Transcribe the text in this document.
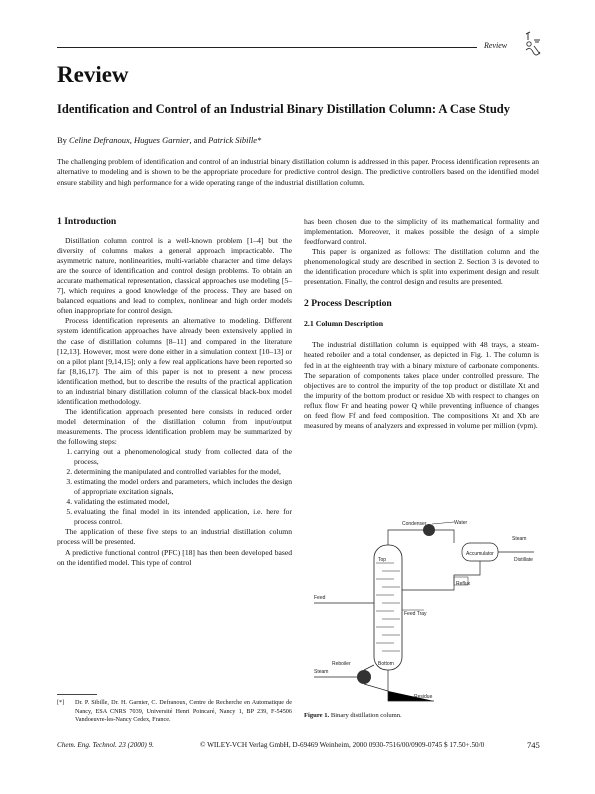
Review
Review
Identification and Control of an Industrial Binary Distillation Column: A Case Study
By Celine Defranoux, Hugues Garnier, and Patrick Sibille*
The challenging problem of identification and control of an industrial binary distillation column is addressed in this paper. Process identification represents an alternative to modeling and is shown to be the appropriate procedure for predictive control design. The predictive controllers based on the identified model ensure stability and high performance for a wide operating range of the industrial distillation column.
1 Introduction

Distillation column control is a well-known problem [1–4] but the diversity of columns makes a general approach impracticable. The asymmetric nature, nonlinearities, multi-variable character and time delays are the source of identification and control design problems. To obtain an accurate mathematical representation, classical approaches use modeling [5–7], which requires a good knowledge of the process. They are based on balanced equations and lead to complex, nonlinear and high order models often inappropriate for control design.

Process identification represents an alternative to modeling. Different system identification approaches have already been extensively applied in the case of distillation columns [8–11] and compared in the literature [12,13]. However, most were done either in a simulation context [10–13] or on a pilot plant [9,14,15]; only a few real applications have been reported so far [8,16,17]. The aim of this paper is not to present a new process identification method, but to describe the results of the practical application to an industrial binary distillation column of the classical black-box model identification methodology.

The identification approach presented here consists in reduced order model determination of the distillation column from input/output measurements. The process identification problem may be summarized by the following steps:

1. carrying out a phenomenological study from collected data of the process,
2. determining the manipulated and controlled variables for the model,
3. estimating the model orders and parameters, which includes the design of appropriate excitation signals,
4. validating the estimated model,
5. evaluating the final model in its intended application, i.e. here for process control.

The application of these five steps to an industrial distillation column process will be presented.

A predictive functional control (PFC) [18] has then been developed based on the identified model. This type of control

has been chosen due to the simplicity of its mathematical formality and implementation. Moreover, it makes possible the design of a simple feedforward control.

This paper is organized as follows: The distillation column and the phenomenological study are described in section 2. Section 3 is devoted to the identification procedure which is split into experiment design and result presentation. Finally, the control design and results are presented.

2 Process Description
2.1 Column Description

The industrial distillation column is equipped with 48 trays, a steam-heated reboiler and a total condenser, as depicted in Fig. 1. The column is fed in at the eighteenth tray with a binary mixture of carbonate components. The separation of components takes place under controlled pressure. The objectives are to control the impurity of the top product or distillate Xt and the impurity of the bottom product or residue Xb with respect to changes on reflux flow Fr and heating power Q while preventing influence of changes on feed flow Ff and feed composition. The compositions Xt and Xb are measured by means of analyzers and expressed in volume per million (vpm).

Condenser	Water
Accumulator
Steam
Distillate
Reflux
Feed
Feed Tray
Top
Bottom
Reboiler
Steam
Residue
Figure 1. Binary distillation column.
[*] Dr. P. Sibille, Dr. H. Garnier, C. Defranoux, Centre de Recherche en Automatique de Nancy, ESA CNRS 7039, Université Henri Poincaré, Nancy 1, BP 239, F-54506 Vandoeuvre-les-Nancy Cedex, France.
Chem. Eng. Technol. 23 (2000) 9.	© WILEY-VCH Verlag GmbH, D-69469 Weinheim, 2000 0930-7516/00/0909-0745 $ 17.50+.50/0	745
